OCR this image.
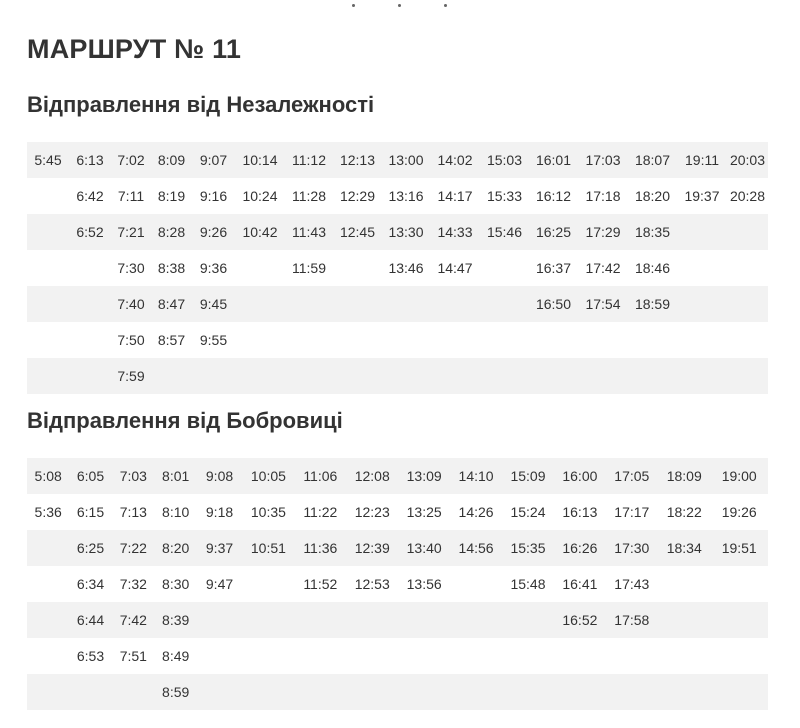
МАРШРУТ № 11
Відправлення від Незалежності
5:45	6:13	7:02	8:09	9:07	10:14	11:12	12:13	13:00	14:02	15:03	16:01	17:03	18:07	19:11	20:03
	6:42	7:11	8:19	9:16	10:24	11:28	12:29	13:16	14:17	15:33	16:12	17:18	18:20	19:37	20:28
	6:52	7:21	8:28	9:26	10:42	11:43	12:45	13:30	14:33	15:46	16:25	17:29	18:35		
		7:30	8:38	9:36		11:59		13:46	14:47		16:37	17:42	18:46		
		7:40	8:47	9:45							16:50	17:54	18:59		
		7:50	8:57	9:55											
		7:59													
Відправлення від Бобровиці
5:08	6:05	7:03	8:01	9:08	10:05	11:06	12:08	13:09	14:10	15:09	16:00	17:05	18:09	19:00
5:36	6:15	7:13	8:10	9:18	10:35	11:22	12:23	13:25	14:26	15:24	16:13	17:17	18:22	19:26
	6:25	7:22	8:20	9:37	10:51	11:36	12:39	13:40	14:56	15:35	16:26	17:30	18:34	19:51
	6:34	7:32	8:30	9:47		11:52	12:53	13:56		15:48	16:41	17:43		
	6:44	7:42	8:39								16:52	17:58		
	6:53	7:51	8:49											
			8:59											
